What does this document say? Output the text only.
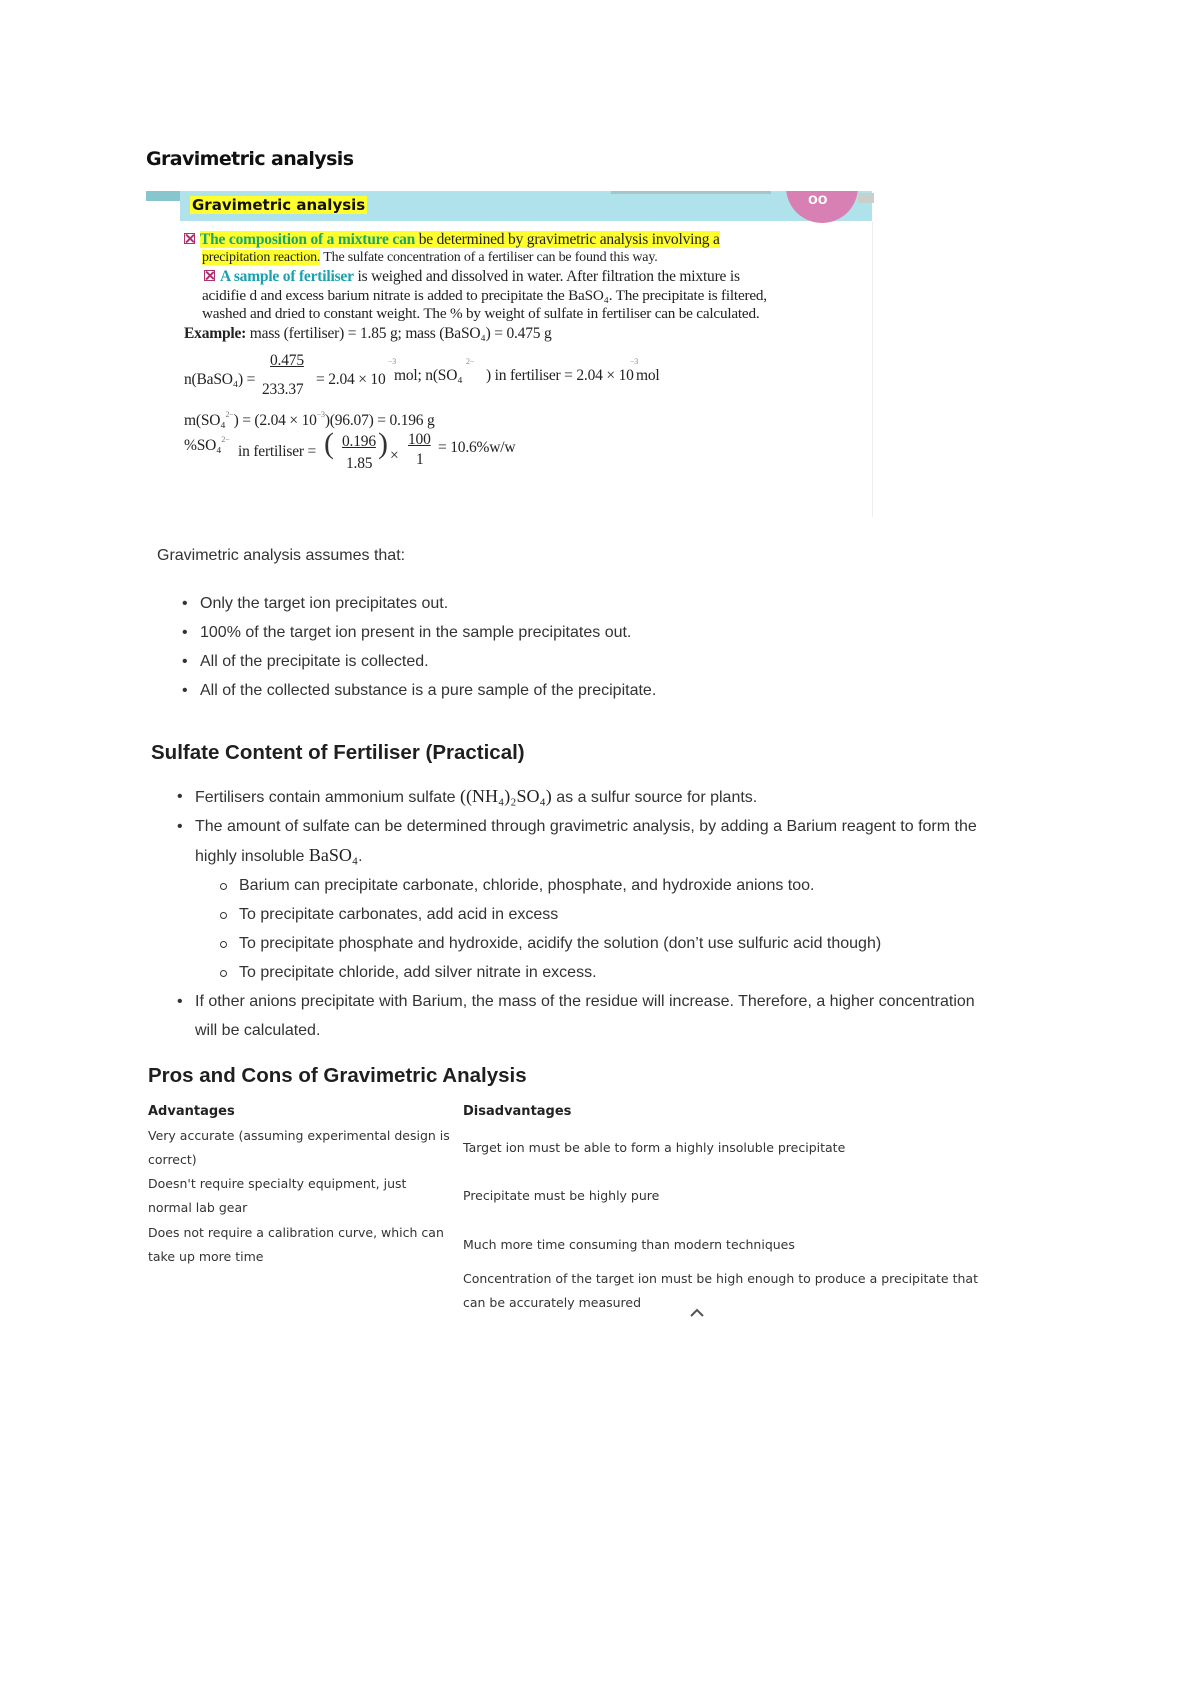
Gravimetric analysis
oo
Gravimetric analysis
The composition of a mixture can be determined by gravimetric analysis involving a
precipitation reaction. The sulfate concentration of a fertiliser can be found this way.
A sample of fertiliser is weighed and dissolved in water. After filtration the mixture is
acidifie d and excess barium nitrate is added to precipitate the BaSO₄. The precipitate is filtered,
washed and dried to constant weight. The % by weight of sulfate in fertiliser can be calculated.
Example: mass (fertiliser) = 1.85 g; mass (BaSO₄) = 0.475 g
0.475
n(BaSO₄) =
233.37
= 2.04 × 10
−3
mol; n(SO₄
2−
) in fertiliser = 2.04 × 10
−3
mol
$m(SO_4^{2-}) = (2.04 \times 10^{-3})(96.07) = 0.196$ g
%SO₄$^{2-}$
in fertiliser = ( 0.196
1.85
) ×
100
1
= 10.6%w/w
Gravimetric analysis assumes that:
• Only the target ion precipitates out.
• 100% of the target ion present in the sample precipitates out.
• All of the precipitate is collected.
• All of the collected substance is a pure sample of the precipitate.
Sulfate Content of Fertiliser (Practical)
• Fertilisers contain ammonium sulfate ((NH₄)₂SO₄) as a sulfur source for plants.
• The amount of sulfate can be determined through gravimetric analysis, by adding a Barium reagent to form the highly insoluble BaSO₄.
Barium can precipitate carbonate, chloride, phosphate, and hydroxide anions too.
To precipitate carbonates, add acid in excess
To precipitate phosphate and hydroxide, acidify the solution (don’t use sulfuric acid though)
To precipitate chloride, add silver nitrate in excess.
• If other anions precipitate with Barium, the mass of the residue will increase. Therefore, a higher concentration will be calculated.
Pros and Cons of Gravimetric Analysis
Advantages	Disadvantages
Very accurate (assuming experimental design is correct)
Doesn't require specialty equipment, just normal lab gear
Does not require a calibration curve, which can take up more time
Target ion must be able to form a highly insoluble precipitate
Precipitate must be highly pure
Much more time consuming than modern techniques
Concentration of the target ion must be high enough to produce a precipitate that can be accurately measured
